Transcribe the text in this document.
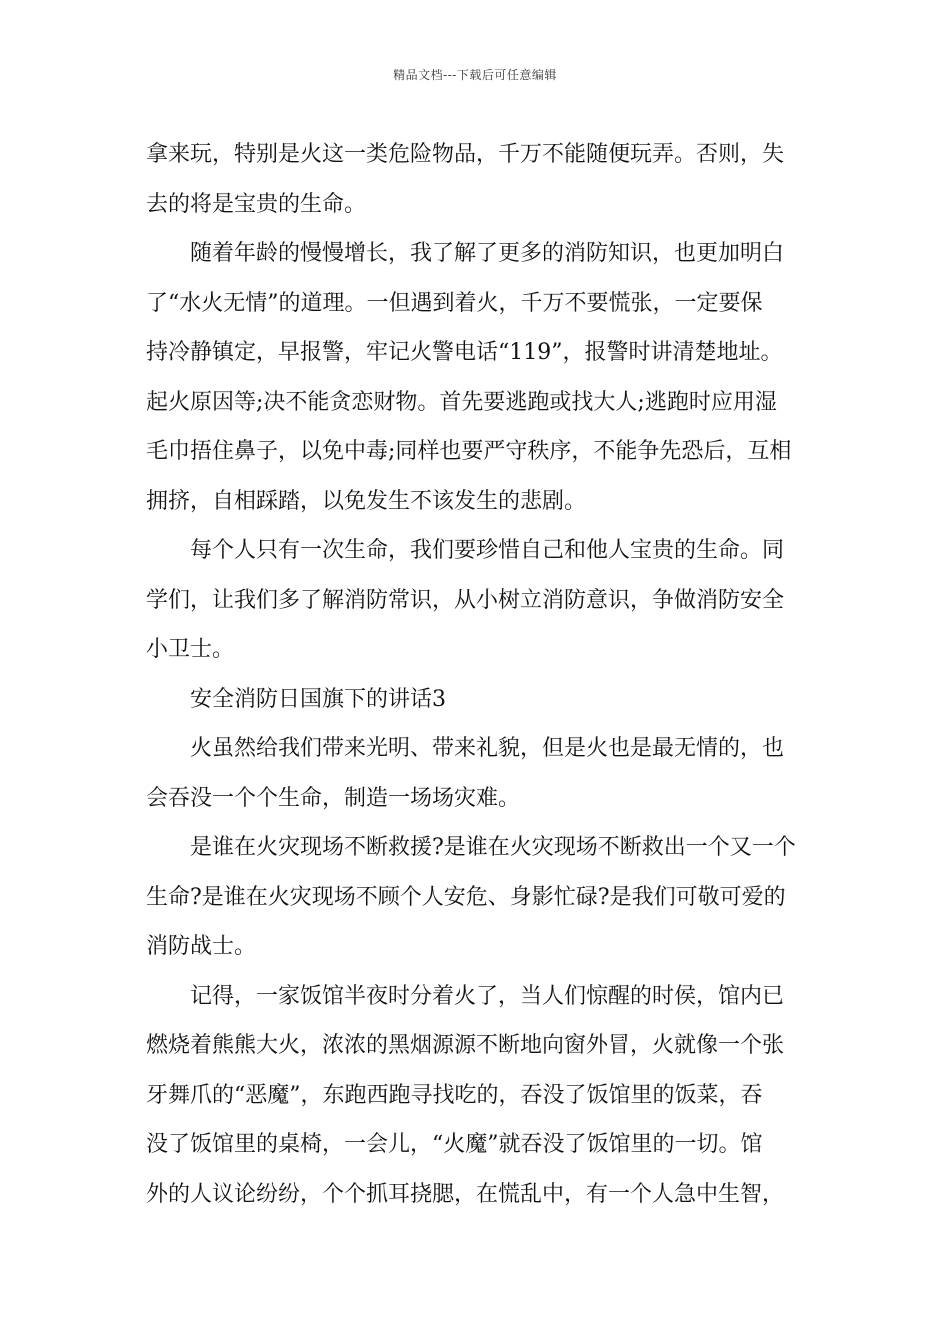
精品文档---下载后可任意编辑
拿来玩，特别是火这一类危险物品，千万不能随便玩弄。否则，失
去的将是宝贵的生命。
随着年龄的慢慢增长，我了解了更多的消防知识，也更加明白
了“水火无情”的道理。一但遇到着火，千万不要慌张，一定要保
持冷静镇定，早报警，牢记火警电话“119”，报警时讲清楚地址。
起火原因等;决不能贪恋财物。首先要逃跑或找大人;逃跑时应用湿
毛巾捂住鼻子，以免中毒;同样也要严守秩序，不能争先恐后，互相
拥挤，自相踩踏，以免发生不该发生的悲剧。
每个人只有一次生命，我们要珍惜自己和他人宝贵的生命。同
学们，让我们多了解消防常识，从小树立消防意识，争做消防安全
小卫士。
安全消防日国旗下的讲话3
火虽然给我们带来光明、带来礼貌，但是火也是最无情的，也
会吞没一个个生命，制造一场场灾难。
是谁在火灾现场不断救援?是谁在火灾现场不断救出一个又一个
生命?是谁在火灾现场不顾个人安危、身影忙碌?是我们可敬可爱的
消防战士。
记得，一家饭馆半夜时分着火了，当人们惊醒的时侯，馆内已
燃烧着熊熊大火，浓浓的黑烟源源不断地向窗外冒，火就像一个张
牙舞爪的“恶魔”，东跑西跑寻找吃的，吞没了饭馆里的饭菜，吞
没了饭馆里的桌椅，一会儿，“火魔”就吞没了饭馆里的一切。馆
外的人议论纷纷，个个抓耳挠腮，在慌乱中，有一个人急中生智，
